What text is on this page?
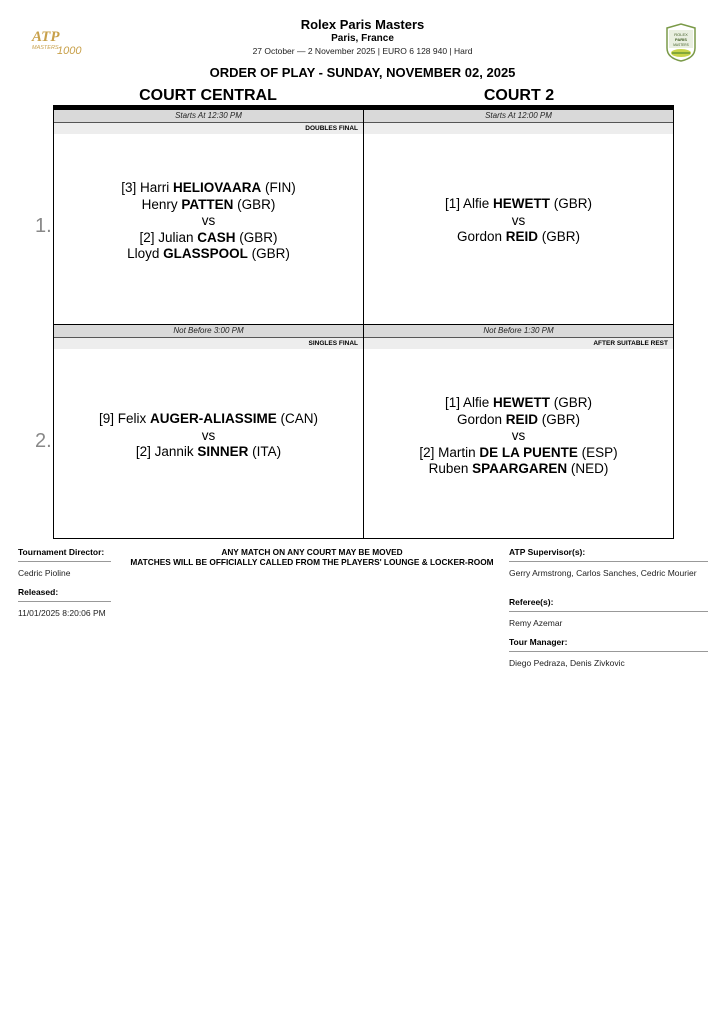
ATP
MASTERS
1000
ROLEX
PARIS
MASTERS
Rolex Paris Masters
Paris, France
27 October — 2 November 2025 | EURO 6 128 940 | Hard
ORDER OF PLAY - SUNDAY, NOVEMBER 02, 2025
COURT CENTRAL	COURT 2
1.
2.
Starts At 12:30 PM
DOUBLES FINAL
[3] Harri HELIOVAARA (FIN)
Henry PATTEN (GBR)
vs
[2] Julian CASH (GBR)
Lloyd GLASSPOOL (GBR)
Starts At 12:00 PM
[1] Alfie HEWETT (GBR)
vs
Gordon REID (GBR)
Not Before 3:00 PM
SINGLES FINAL
[9] Felix AUGER-ALIASSIME (CAN)
vs
[2] Jannik SINNER (ITA)
Not Before 1:30 PM
AFTER SUITABLE REST
[1] Alfie HEWETT (GBR)
Gordon REID (GBR)
vs
[2] Martin DE LA PUENTE (ESP)
Ruben SPAARGAREN (NED)
Tournament Director:
Cedric Pioline
Released:
11/01/2025 8:20:06 PM
ANY MATCH ON ANY COURT MAY BE MOVED
MATCHES WILL BE OFFICIALLY CALLED FROM THE PLAYERS' LOUNGE & LOCKER-ROOM
ATP Supervisor(s):
Gerry Armstrong, Carlos Sanches, Cedric Mourier
Referee(s):
Remy Azemar
Tour Manager:
Diego Pedraza, Denis Zivkovic
